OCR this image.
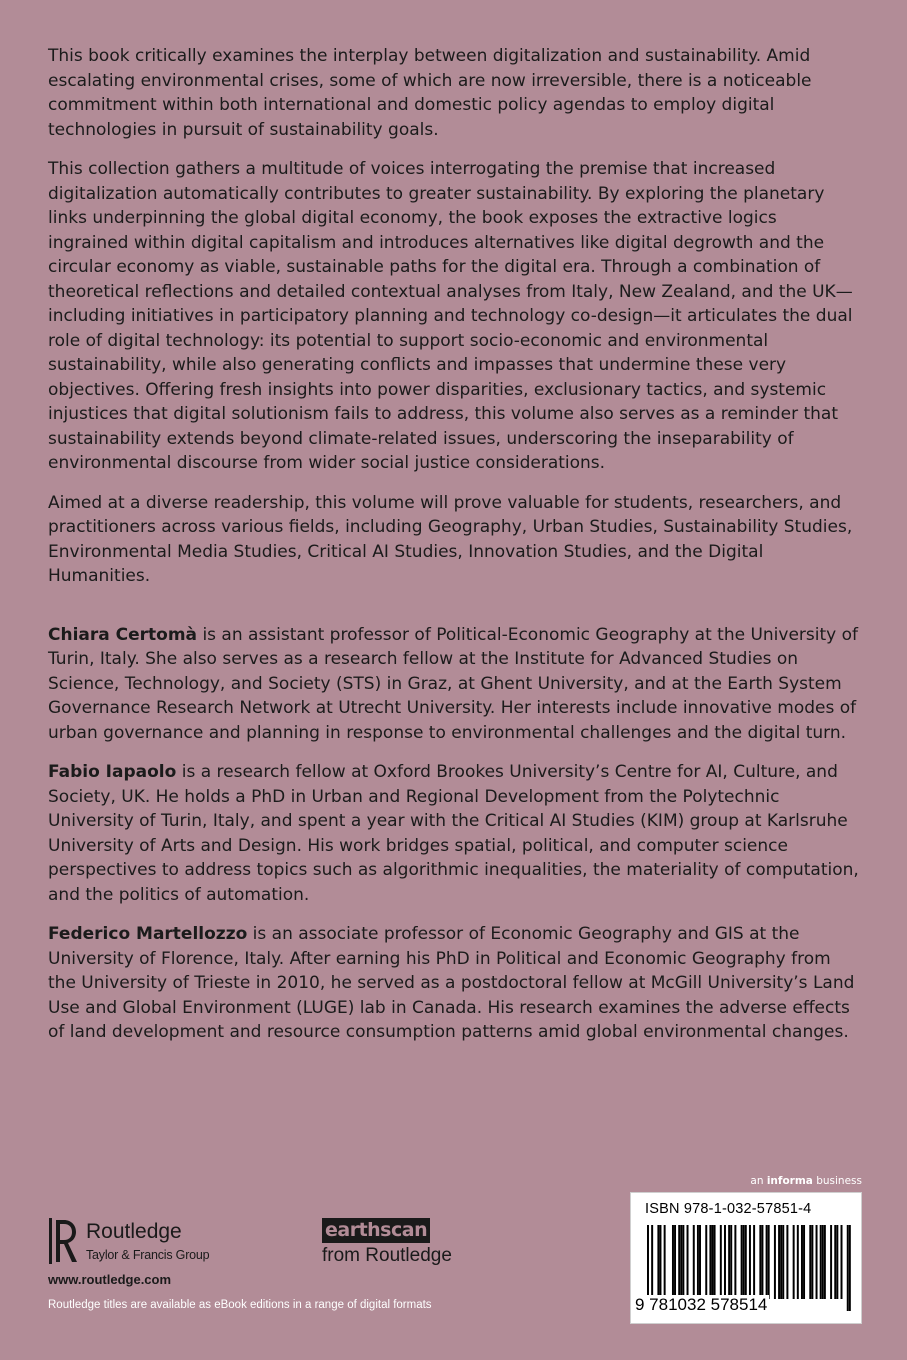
This book critically examines the interplay between digitalization and sustainability. Amid escalating environmental crises, some of which are now irreversible, there is a noticeable commitment within both international and domestic policy agendas to employ digital technologies in pursuit of sustainability goals.

This collection gathers a multitude of voices interrogating the premise that increased digitalization automatically contributes to greater sustainability. By exploring the planetary links underpinning the global digital economy, the book exposes the extractive logics ingrained within digital capitalism and introduces alternatives like digital degrowth and the circular economy as viable, sustainable paths for the digital era. Through a combination of theoretical reflections and detailed contextual analyses from Italy, New Zealand, and the UK—including initiatives in participatory planning and technology co-design—it articulates the dual role of digital technology: its potential to support socio-economic and environmental sustainability, while also generating conflicts and impasses that undermine these very objectives. Offering fresh insights into power disparities, exclusionary tactics, and systemic injustices that digital solutionism fails to address, this volume also serves as a reminder that sustainability extends beyond climate-related issues, underscoring the inseparability of environmental discourse from wider social justice considerations.

Aimed at a diverse readership, this volume will prove valuable for students, researchers, and practitioners across various fields, including Geography, Urban Studies, Sustainability Studies, Environmental Media Studies, Critical AI Studies, Innovation Studies, and the Digital Humanities.

Chiara Certomà is an assistant professor of Political-Economic Geography at the University of Turin, Italy. She also serves as a research fellow at the Institute for Advanced Studies on Science, Technology, and Society (STS) in Graz, at Ghent University, and at the Earth System Governance Research Network at Utrecht University. Her interests include innovative modes of urban governance and planning in response to environmental challenges and the digital turn.

Fabio Iapaolo is a research fellow at Oxford Brookes University’s Centre for AI, Culture, and Society, UK. He holds a PhD in Urban and Regional Development from the Polytechnic University of Turin, Italy, and spent a year with the Critical AI Studies (KIM) group at Karlsruhe University of Arts and Design. His work bridges spatial, political, and computer science perspectives to address topics such as algorithmic inequalities, the materiality of computation, and the politics of automation.

Federico Martellozzo is an associate professor of Economic Geography and GIS at the University of Florence, Italy. After earning his PhD in Political and Economic Geography from the University of Trieste in 2010, he served as a postdoctoral fellow at McGill University’s Land Use and Global Environment (LUGE) lab in Canada. His research examines the adverse effects of land development and resource consumption patterns amid global environmental changes.

an informa business
ISBN 978-1-032-57851-4
9 781032 578514
Routledge
Taylor & Francis Group
www.routledge.com
Routledge titles are available as eBook editions in a range of digital formats
earthscan
from Routledge
